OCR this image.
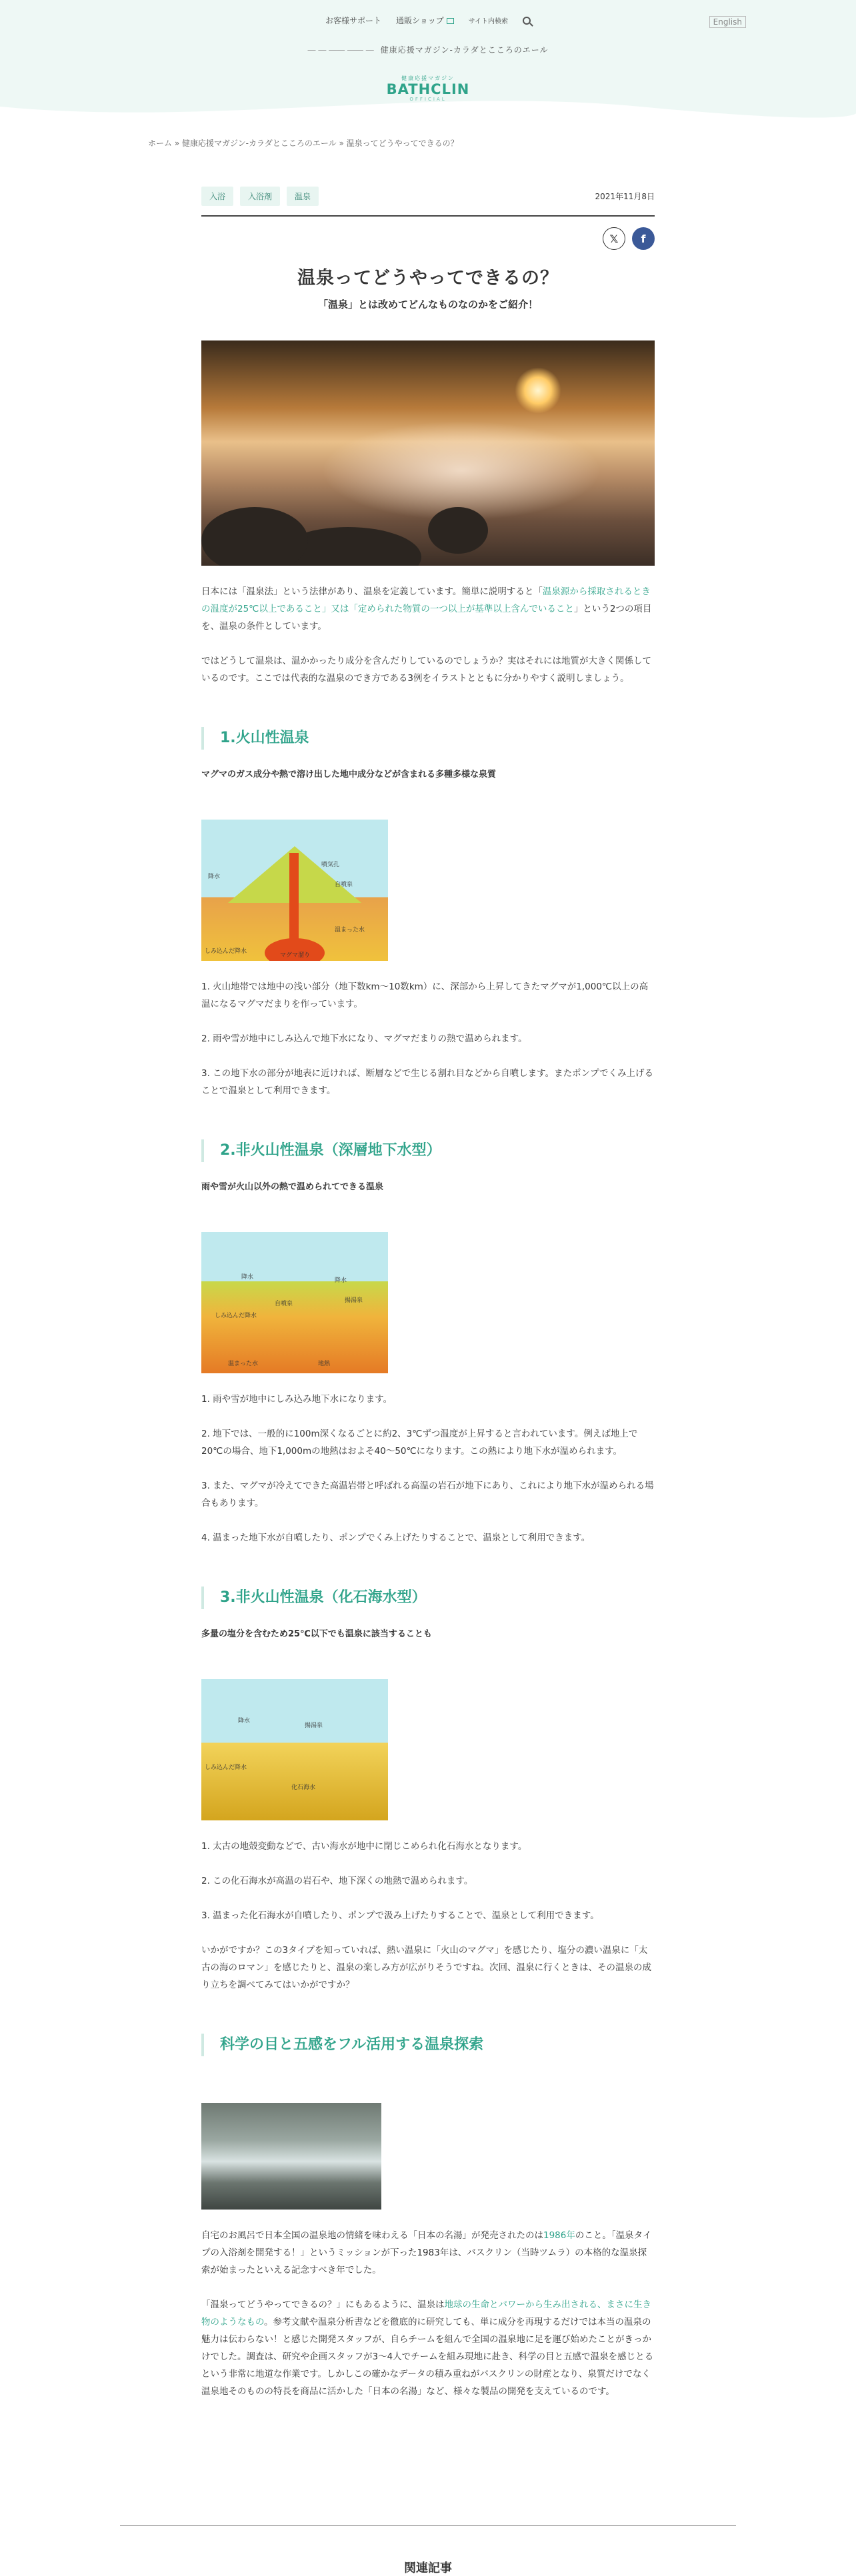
お客様サポート 通販ショップ	サイト内検索	English
― ― ―― ―― ― 健康応援マガジン-カラダとこころのエール
健康応援マガジン
BATHCLIN
OFFICIAL
ホーム » 健康応援マガジン-カラダとこころのエール » 温泉ってどうやってできるの？
入浴	入浴剤	温泉	2021年11月8日
𝕏	f
温泉ってどうやってできるの？
「温泉」とは改めてどんなものなのかをご紹介！

日本には「温泉法」という法律があり、温泉を定義しています。簡単に説明すると「温泉源から採取されるときの温度が25℃以上であること」又は「定められた物質の一つ以上が基準以上含んでいること」という2つの項目を、温泉の条件としています。

ではどうして温泉は、温かかったり成分を含んだりしているのでしょうか？実はそれには地質が大きく関係しているのです。ここでは代表的な温泉のでき方である3例をイラストとともに分かりやすく説明しましょう。

1.火山性温泉
マグマのガス成分や熱で溶け出した地中成分などが含まれる多種多様な泉質
降水
噴気孔
自噴泉
しみ込んだ降水
温まった水
マグマ溜り

1. 火山地帯では地中の浅い部分（地下数km〜10数km）に、深部から上昇してきたマグマが1,000℃以上の高温になるマグマだまりを作っています。

2. 雨や雪が地中にしみ込んで地下水になり、マグマだまりの熱で温められます。

3. この地下水の部分が地表に近ければ、断層などで生じる割れ目などから自噴します。またポンプでくみ上げることで温泉として利用できます。

2.非火山性温泉（深層地下水型）
雨や雪が火山以外の熱で温められてできる温泉
降水	降水
自噴泉	揚湯泉
しみ込んだ降水
温まった水	地熱

1. 雨や雪が地中にしみ込み地下水になります。

2. 地下では、一般的に100m深くなるごとに約2、3℃ずつ温度が上昇すると言われています。例えば地上で20℃の場合、地下1,000mの地熱はおよそ40〜50℃になります。この熱により地下水が温められます。

3. また、マグマが冷えてできた高温岩帯と呼ばれる高温の岩石が地下にあり、これにより地下水が温められる場合もあります。

4. 温まった地下水が自噴したり、ポンプでくみ上げたりすることで、温泉として利用できます。

3.非火山性温泉（化石海水型）
多量の塩分を含むため25℃以下でも温泉に該当することも
降水
揚湯泉
しみ込んだ降水
化石海水

1. 太古の地殻変動などで、古い海水が地中に閉じこめられ化石海水となります。

2. この化石海水が高温の岩石や、地下深くの地熱で温められます。

3. 温まった化石海水が自噴したり、ポンプで汲み上げたりすることで、温泉として利用できます。

いかがですか？この3タイプを知っていれば、熱い温泉に「火山のマグマ」を感じたり、塩分の濃い温泉に「太古の海のロマン」を感じたりと、温泉の楽しみ方が広がりそうですね。次回、温泉に行くときは、その温泉の成り立ちを調べてみてはいかがですか？

科学の目と五感をフル活用する温泉探索

自宅のお風呂で日本全国の温泉地の情緒を味わえる「日本の名湯」が発売されたのは1986年のこと。「温泉タイプの入浴剤を開発する！」というミッションが下った1983年は、バスクリン（当時ツムラ）の本格的な温泉探索が始まったといえる記念すべき年でした。

「温泉ってどうやってできるの？」にもあるように、温泉は地球の生命とパワーから生み出される、まさに生き物のようなもの。参考文献や温泉分析書などを徹底的に研究しても、単に成分を再現するだけでは本当の温泉の魅力は伝わらない！と感じた開発スタッフが、自らチームを組んで全国の温泉地に足を運び始めたことがきっかけでした。調査は、研究や企画スタッフが3〜4人でチームを組み現地に赴き、科学の目と五感で温泉を感じとるという非常に地道な作業です。しかしこの確かなデータの積み重ねがバスクリンの財産となり、泉質だけでなく温泉地そのものの特長を商品に活かした「日本の名湯」など、様々な製品の開発を支えているのです。

関連記事
